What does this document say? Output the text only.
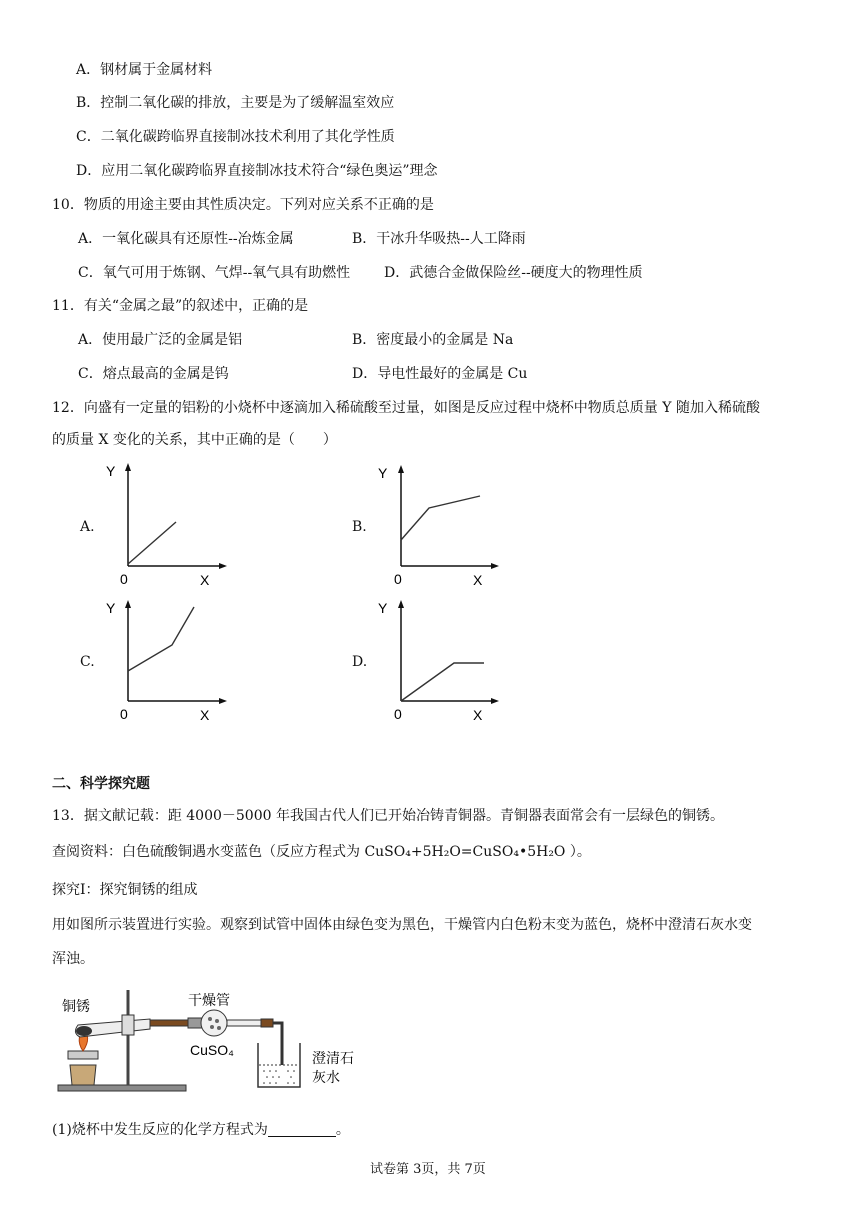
A．钢材属于金属材料
B．控制二氧化碳的排放，主要是为了缓解温室效应
C．二氧化碳跨临界直接制冰技术利用了其化学性质
D．应用二氧化碳跨临界直接制冰技术符合“绿色奥运”理念
10．物质的用途主要由其性质决定。下列对应关系不正确的是
A．一氧化碳具有还原性--冶炼金属	B．干冰升华吸热--人工降雨
C．氧气可用于炼钢、气焊--氧气具有助燃性 D．武德合金做保险丝--硬度大的物理性质
11．有关“金属之最”的叙述中，正确的是
A．使用最广泛的金属是铝	B．密度最小的金属是 Na
C．熔点最高的金属是钨	D．导电性最好的金属是 Cu
12．向盛有一定量的铝粉的小烧杯中逐滴加入稀硫酸至过量，如图是反应过程中烧杯中物质总质量 Y 随加入稀硫酸
的质量 X 变化的关系，其中正确的是（　　）
A.	B.
C.	D.
Y
0	X
Y
0	X
Y
0	X
Y
0	X
二、科学探究题
13．据文献记载：距 4000－5000 年我国古代人们已开始冶铸青铜器。青铜器表面常会有一层绿色的铜锈。
查阅资料：白色硫酸铜遇水变蓝色（反应方程式为 CuSO₄+5H₂O=CuSO₄•5H₂O ）。
探究Ⅰ：探究铜锈的组成
用如图所示装置进行实验。观察到试管中固体由绿色变为黑色，干燥管内白色粉末变为蓝色，烧杯中澄清石灰水变
浑浊。
铜锈	干燥管
CuSO₄	澄清石
灰水
(1)烧杯中发生反应的化学方程式为	。
试卷第 3页，共 7页
